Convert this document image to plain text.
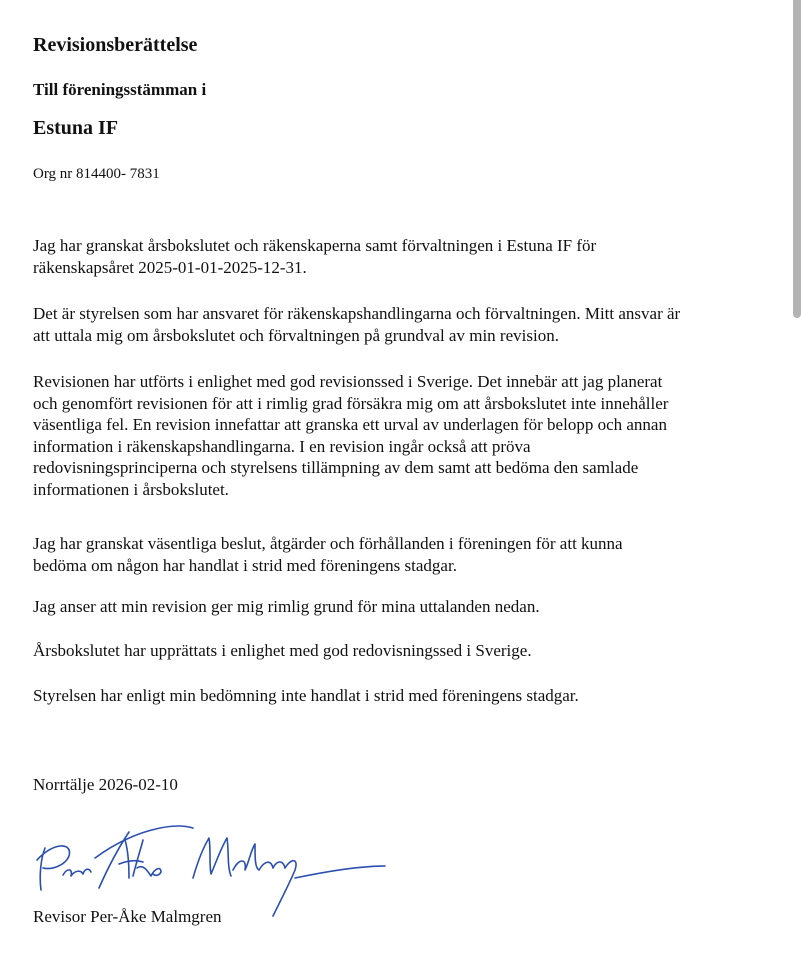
Revisionsberättelse
Till föreningsstämman i
Estuna IF
Org nr 814400- 7831

Jag har granskat årsbokslutet och räkenskaperna samt förvaltningen i Estuna IF för
räkenskapsåret 2025-01-01-2025-12-31.

Det är styrelsen som har ansvaret för räkenskapshandlingarna och förvaltningen. Mitt ansvar är
att uttala mig om årsbokslutet och förvaltningen på grundval av min revision.

Revisionen har utförts i enlighet med god revisionssed i Sverige. Det innebär att jag planerat
och genomfört revisionen för att i rimlig grad försäkra mig om att årsbokslutet inte innehåller
väsentliga fel. En revision innefattar att granska ett urval av underlagen för belopp och annan
information i räkenskapshandlingarna. I en revision ingår också att pröva
redovisningsprinciperna och styrelsens tillämpning av dem samt att bedöma den samlade
informationen i årsbokslutet.

Jag har granskat väsentliga beslut, åtgärder och förhållanden i föreningen för att kunna
bedöma om någon har handlat i strid med föreningens stadgar.

Jag anser att min revision ger mig rimlig grund för mina uttalanden nedan.

Årsbokslutet har upprättats i enlighet med god redovisningssed i Sverige.

Styrelsen har enligt min bedömning inte handlat i strid med föreningens stadgar.

Norrtälje 2026-02-10
Revisor Per-Åke Malmgren
